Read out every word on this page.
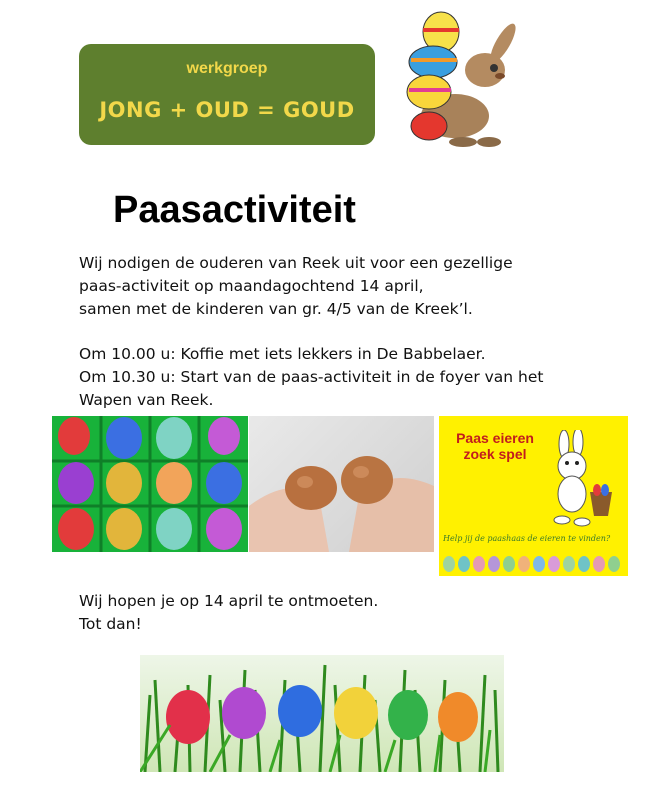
werkgroep
JONG + OUD = GOUD
Paasactiviteit
Wij nodigen de ouderen van Reek uit voor een gezellige
paas-activiteit op maandagochtend 14 april,
samen met de kinderen van gr. 4/5 van de Kreek’l.
Om 10.00 u: Koffie met iets lekkers in De Babbelaer.
Om 10.30 u: Start van de paas-activiteit in de foyer van het
Wapen van Reek.
Paas eieren zoek spel
Help jij de paashaas de eieren te vinden?
Wij hopen je op 14 april te ontmoeten.
Tot dan!
